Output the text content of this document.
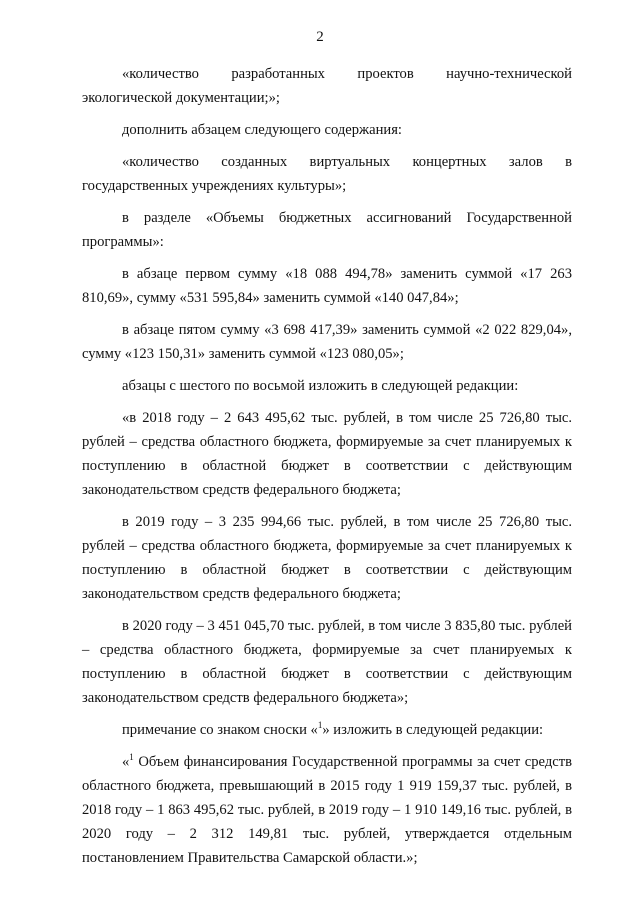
2

«количество разработанных проектов научно-технической экологической документации;»;

дополнить абзацем следующего содержания:

«количество созданных виртуальных концертных залов в государственных учреждениях культуры»;

в разделе «Объемы бюджетных ассигнований Государственной программы»:

в абзаце первом сумму «18 088 494,78» заменить суммой «17 263 810,69», сумму «531 595,84» заменить суммой «140 047,84»;

в абзаце пятом сумму «3 698 417,39» заменить суммой «2 022 829,04», сумму «123 150,31» заменить суммой «123 080,05»;

абзацы с шестого по восьмой изложить в следующей редакции:

«в 2018 году – 2 643 495,62 тыс. рублей, в том числе 25 726,80 тыс. рублей – средства областного бюджета, формируемые за счет планируемых к поступлению в областной бюджет в соответствии с действующим законодательством средств федерального бюджета;

в 2019 году – 3 235 994,66 тыс. рублей, в том числе 25 726,80 тыс. рублей – средства областного бюджета, формируемые за счет планируемых к поступлению в областной бюджет в соответствии с действующим законодательством средств федерального бюджета;

в 2020 году – 3 451 045,70 тыс. рублей, в том числе 3 835,80 тыс. рублей – средства областного бюджета, формируемые за счет планируемых к поступлению в областной бюджет в соответствии с действующим законодательством средств федерального бюджета»;

примечание со знаком сноски «$^1$» изложить в следующей редакции:

«$^1$ Объем финансирования Государственной программы за счет средств областного бюджета, превышающий в 2015 году 1 919 159,37 тыс. рублей, в 2018 году – 1 863 495,62 тыс. рублей, в 2019 году – 1 910 149,16 тыс. рублей, в 2020 году – 2 312 149,81 тыс. рублей, утверждается отдельным постановлением Правительства Самарской области.»;
